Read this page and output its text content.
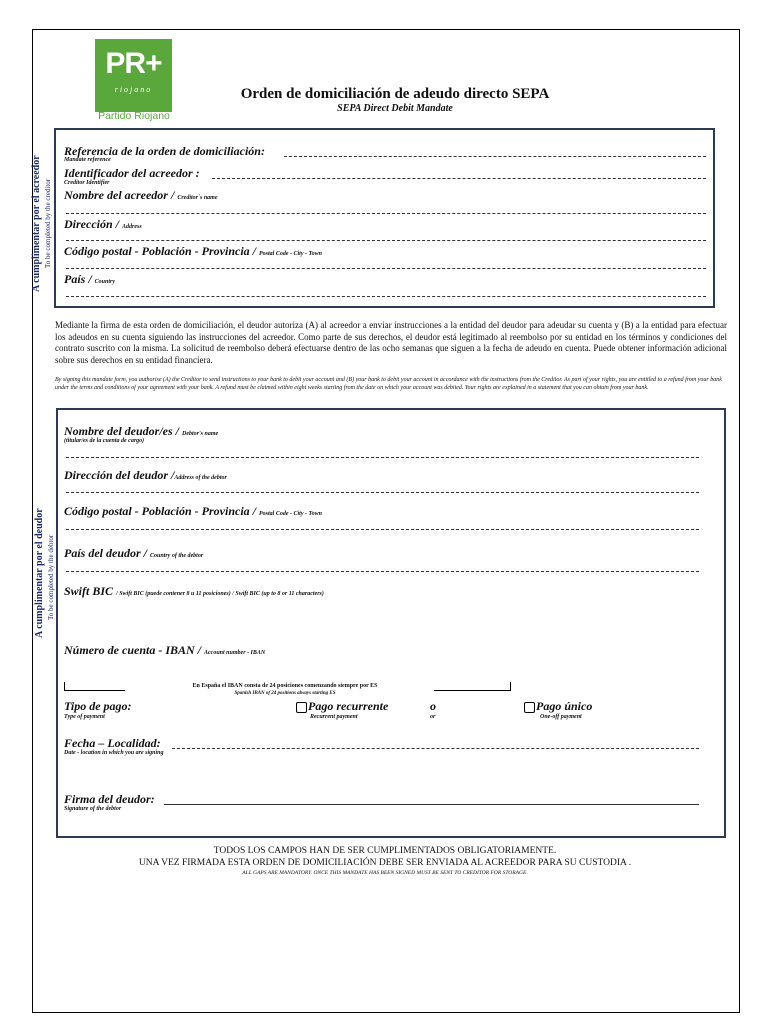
PR+
riojano
Partido Riojano
Orden de domiciliación de adeudo directo SEPA
SEPA Direct Debit Mandate
A cumplimentar por el acreedor To be completed by the creditor
Referencia de la orden de domiciliación:
Mandate reference
Identificador del acreedor :
Creditor Identifier
Nombre del acreedor / Creditor´s name
Dirección / Address
Código postal - Población - Provincia / Postal Code - City - Town
País / Country
Mediante la firma de esta orden de domiciliación, el deudor autoriza (A) al acreedor a enviar instrucciones a la entidad del deudor para adeudar su cuenta y (B) a la entidad para efectuar los adeudos en su cuenta siguiendo las instrucciones del acreedor. Como parte de sus derechos, el deudor está legitimado al reembolso por su entidad en los términos y condiciones del contrato suscrito con la misma. La solicitud de reembolso deberá efectuarse dentro de las ocho semanas que siguen a la fecha de adeudo en cuenta. Puede obtener información adicional sobre sus derechos en su entidad financiera.
By signing this mandate form, you authorise (A) the Creditor to send instructions to your bank to debit your account and (B) your bank to debit your account in accordance with the instructions from the Creditor. As part of your rights, you are entitled to a refund from your bank under the terms and conditions of your agreement with your bank. A refund must be claimed within eight weeks starting from the date on which your account was debited. Your rights are explained in a statement that you can obtain from your bank.
A cumplimentar por el deudor To be completed by the debtor
Nombre del deudor/es / Debtor's name
(titular/es de la cuenta de cargo)
Dirección del deudor /Address of the debtor
Código postal - Población - Provincia / Postal Code - City - Town
País del deudor / Country of the debtor
Swift BIC / Swift BIC (puede contener 8 u 11 posiciones) / Swift BIC (up to 8 or 11 characters)
Número de cuenta - IBAN / Account number - IBAN
En España el IBAN consta de 24 posiciones comenzando siempre por ES
Spanish IBAN of 24 positions always starting ES
Tipo de pago:
Type of payment
Pago recurrente
Recurrent payment
o
or
Pago único
One-off payment
Fecha – Localidad:
Date - location in which you are signing
Firma del deudor:
Signature of the debtor
TODOS LOS CAMPOS HAN DE SER CUMPLIMENTADOS OBLIGATORIAMENTE.
UNA VEZ FIRMADA ESTA ORDEN DE DOMICILIACIÓN DEBE SER ENVIADA AL ACREEDOR PARA SU CUSTODIA .
ALL GAPS ARE MANDATORY. ONCE THIS MANDATE HAS BEEN SIGNED MUST BE SENT TO CREDITOR FOR STORAGE.
